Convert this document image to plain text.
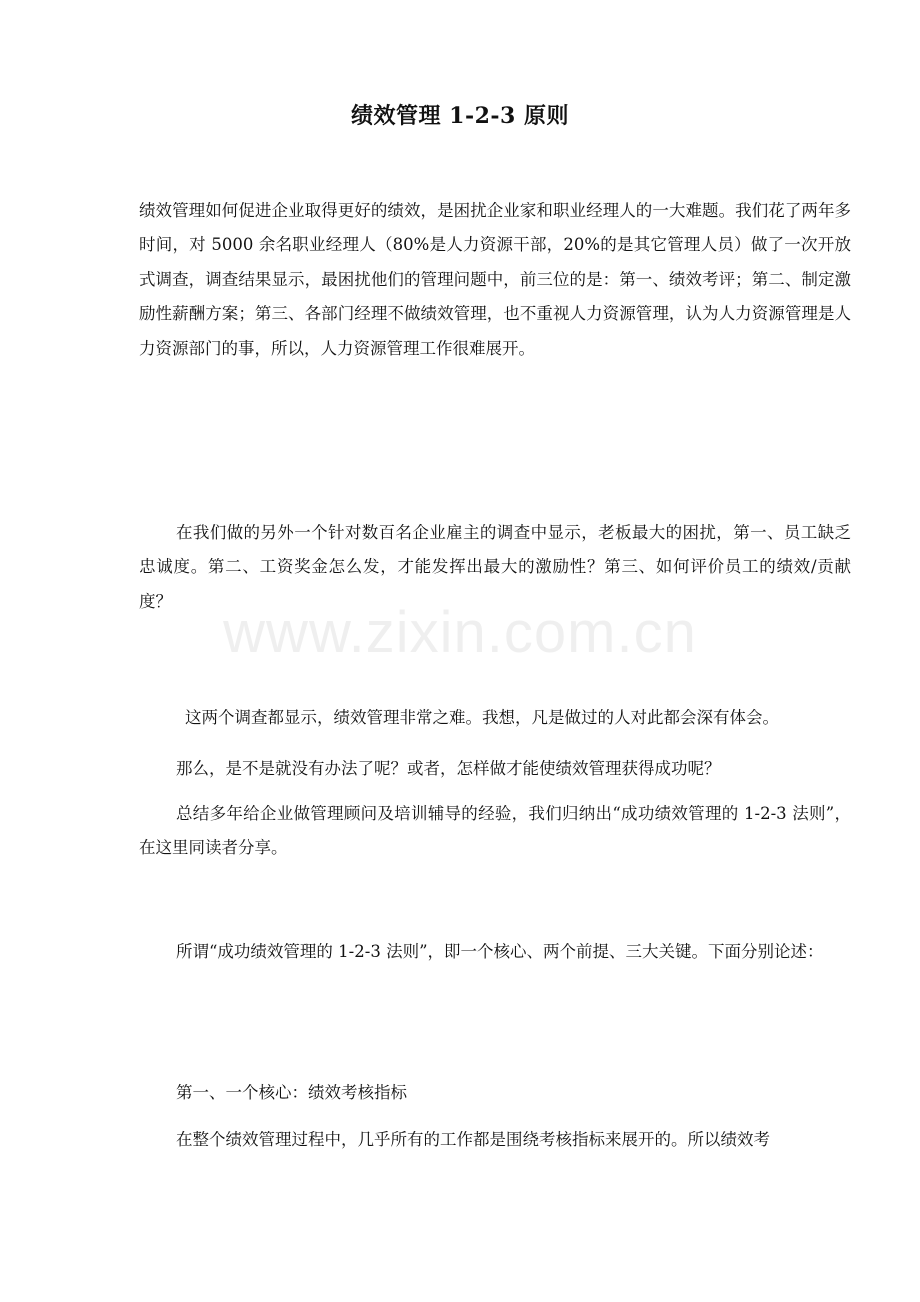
绩效管理 1-2-3 原则

绩效管理如何促进企业取得更好的绩效，是困扰企业家和职业经理人的一大难题。我们花了两年多时间，对 5000 余名职业经理人（80%是人力资源干部，20%的是其它管理人员）做了一次开放式调查，调查结果显示，最困扰他们的管理问题中，前三位的是：第一、绩效考评；第二、制定激励性薪酬方案；第三、各部门经理不做绩效管理，也不重视人力资源管理，认为人力资源管理是人力资源部门的事，所以，人力资源管理工作很难展开。

在我们做的另外一个针对数百名企业雇主的调查中显示，老板最大的困扰，第一、员工缺乏忠诚度。第二、工资奖金怎么发，才能发挥出最大的激励性？第三、如何评价员工的绩效/贡献度？

这两个调查都显示，绩效管理非常之难。我想，凡是做过的人对此都会深有体会。

那么，是不是就没有办法了呢？或者，怎样做才能使绩效管理获得成功呢？

总结多年给企业做管理顾问及培训辅导的经验，我们归纳出“成功绩效管理的 1-2-3 法则”，在这里同读者分享。

所谓“成功绩效管理的 1-2-3 法则”，即一个核心、两个前提、三大关键。下面分别论述：

第一、一个核心：绩效考核指标

在整个绩效管理过程中，几乎所有的工作都是围绕考核指标来展开的。所以绩效考

www.zixin.com.cn
